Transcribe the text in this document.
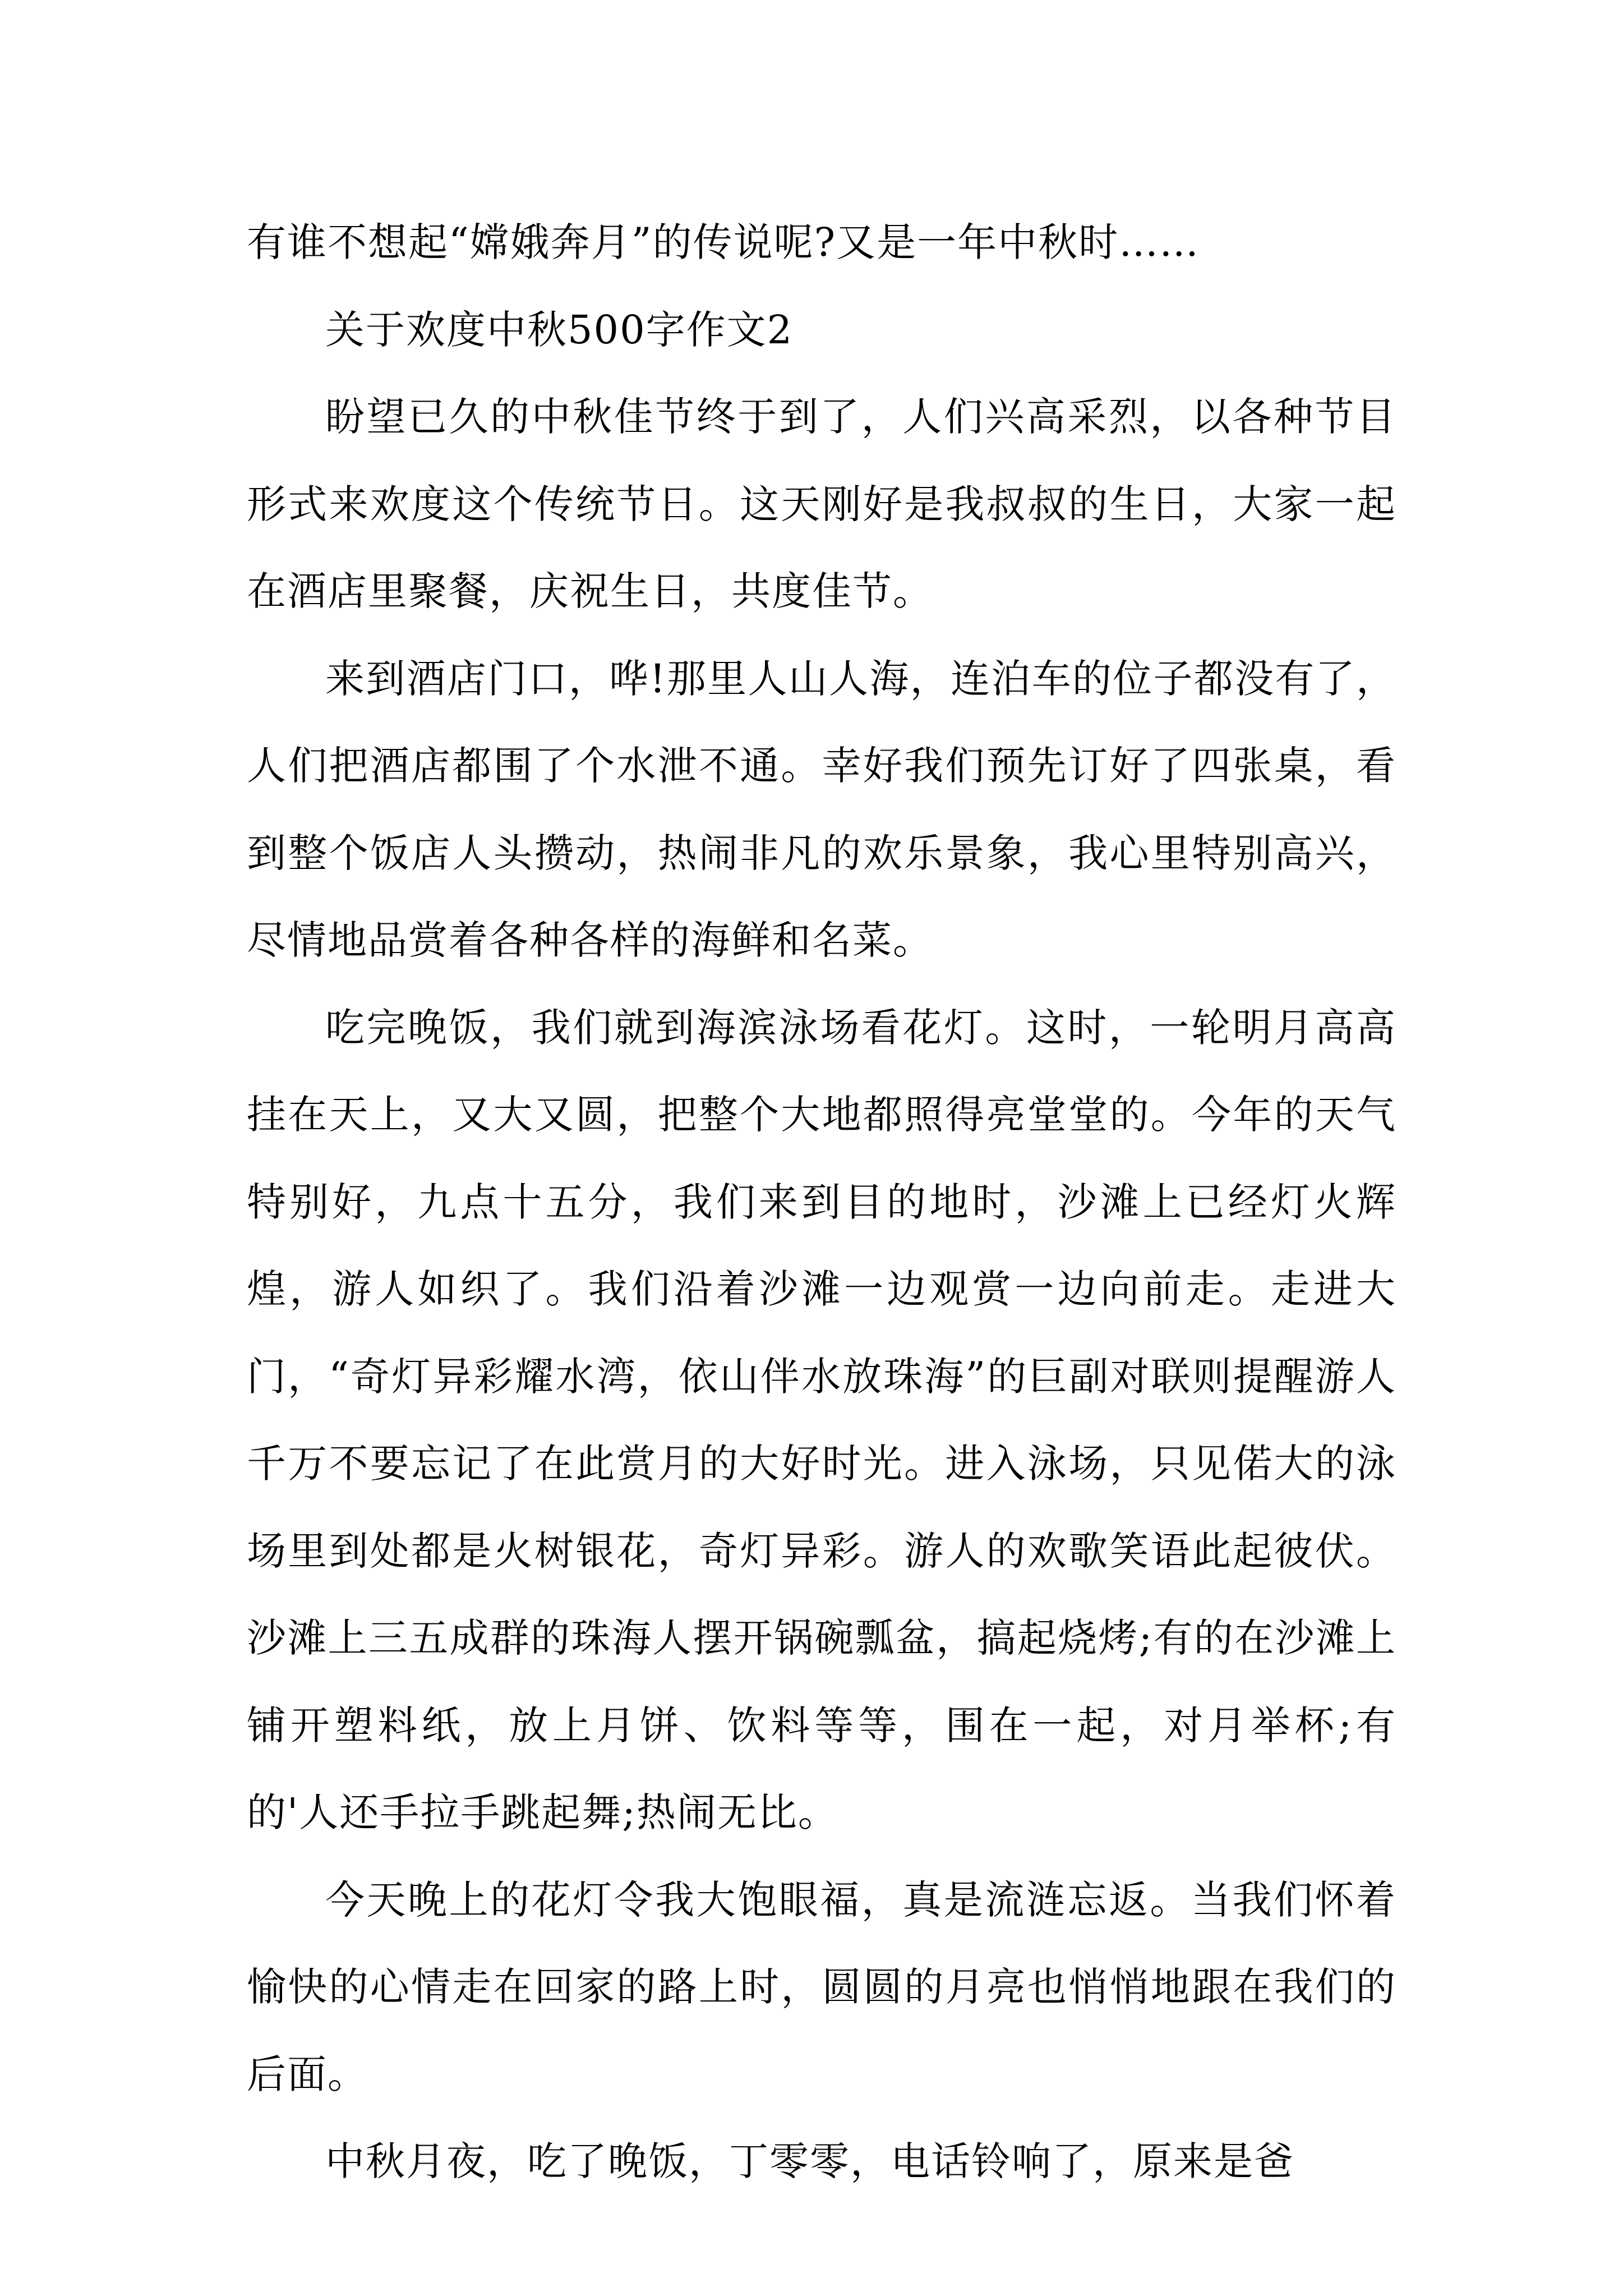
有谁不想起“嫦娥奔月”的传说呢?又是一年中秋时……

关于欢度中秋500字作文2

盼望已久的中秋佳节终于到了，人们兴高采烈，以各种节目形式来欢度这个传统节日。这天刚好是我叔叔的生日，大家一起在酒店里聚餐，庆祝生日，共度佳节。

来到酒店门口，哗!那里人山人海，连泊车的位子都没有了，人们把酒店都围了个水泄不通。幸好我们预先订好了四张桌，看到整个饭店人头攒动，热闹非凡的欢乐景象，我心里特别高兴，尽情地品赏着各种各样的海鲜和名菜。

吃完晚饭，我们就到海滨泳场看花灯。这时，一轮明月高高挂在天上，又大又圆，把整个大地都照得亮堂堂的。今年的天气特别好，九点十五分，我们来到目的地时，沙滩上已经灯火辉煌，游人如织了。我们沿着沙滩一边观赏一边向前走。走进大门，“奇灯异彩耀水湾，依山伴水放珠海”的巨副对联则提醒游人千万不要忘记了在此赏月的大好时光。进入泳场，只见偌大的泳场里到处都是火树银花，奇灯异彩。游人的欢歌笑语此起彼伏。沙滩上三五成群的珠海人摆开锅碗瓢盆，搞起烧烤;有的在沙滩上铺开塑料纸，放上月饼、饮料等等，围在一起，对月举杯;有的'人还手拉手跳起舞;热闹无比。

今天晚上的花灯令我大饱眼福，真是流涟忘返。当我们怀着愉快的心情走在回家的路上时，圆圆的月亮也悄悄地跟在我们的后面。

中秋月夜，吃了晚饭，丁零零，电话铃响了，原来是爸
